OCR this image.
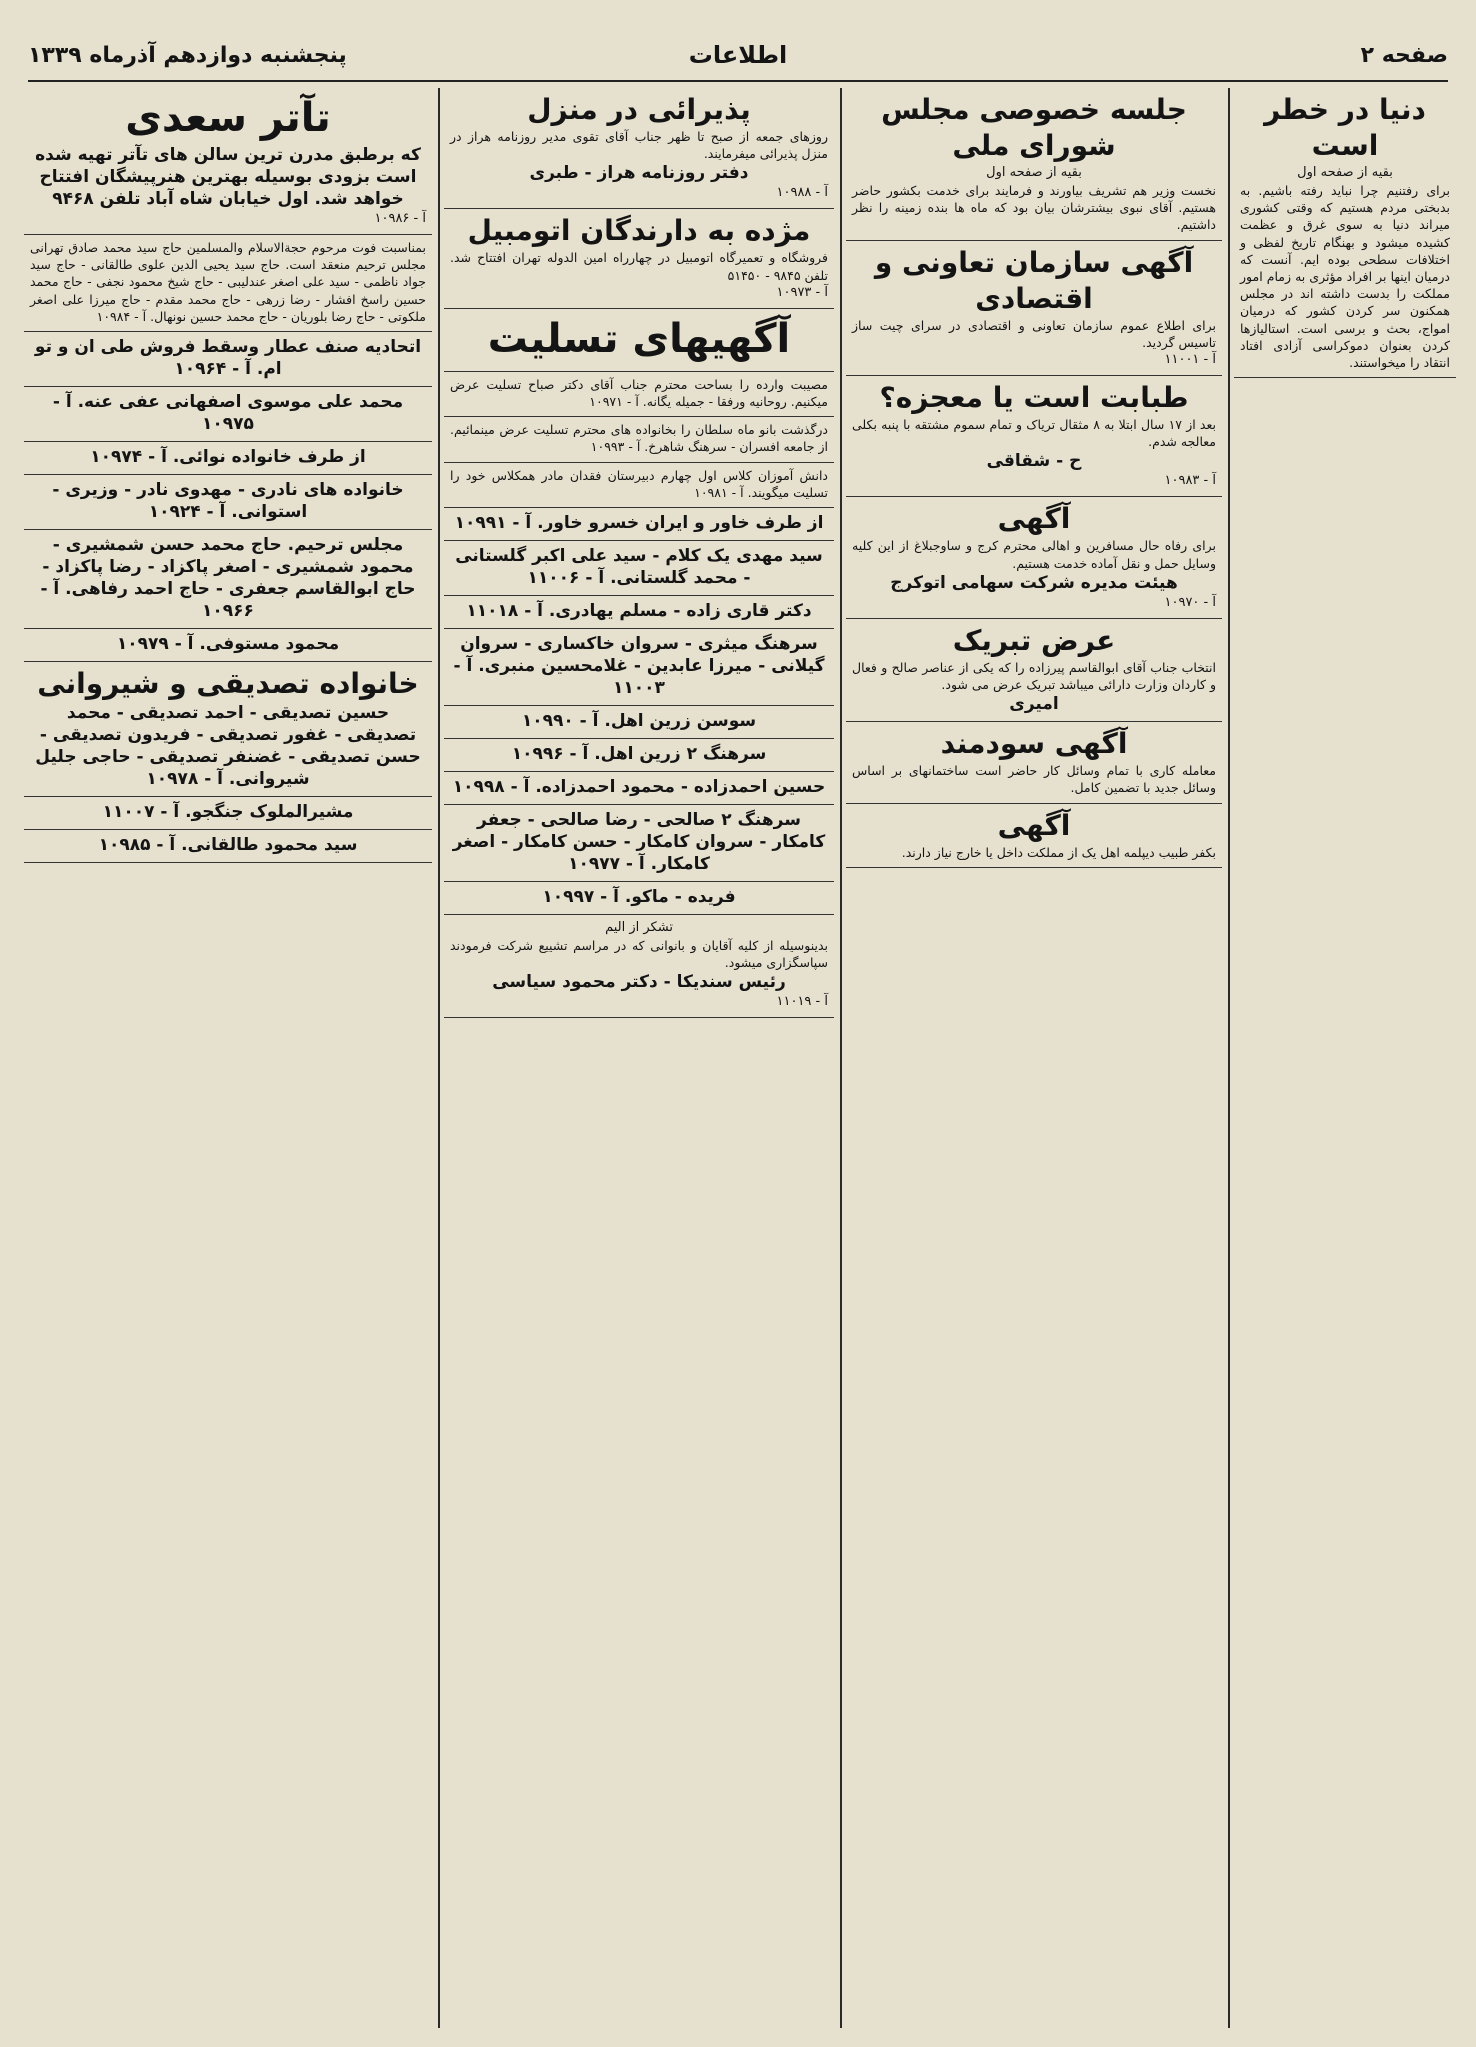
صفحه ۲
اطلاعات
پنجشنبه دوازدهم آذرماه ۱۳۳۹
دنیا در خطر است
بقیه از صفحه اول
برای رفتنیم چرا نباید رفته باشیم. به بدبختی مردم هستیم که وقتی کشوری میراند دنیا به سوی غرق و عظمت کشیده میشود و بهنگام تاریخ لفظی و اختلافات سطحی بوده ایم. آنست که درمیان اینها بر افراد مؤثری به زمام امور مملکت را بدست داشته اند در مجلس همکنون سر کردن کشور که درمیان امواج، بحث و برسی است. استالیازها کردن بعنوان دموکراسی آزادی افتاد انتقاد را میخواستند.
جلسه خصوصی مجلس شورای ملی
بقیه از صفحه اول
نخست وزیر هم تشریف بیاورند و فرمایند برای خدمت بکشور حاضر هستیم. آقای نبوی بیشترشان بیان بود که ماه ها بنده زمینه را نظر داشتیم.
آگهی سازمان تعاونی و اقتصادی
برای اطلاع عموم سازمان تعاونی و اقتصادی در سرای چیت ساز تاسیس گردید.
آ - ۱۱۰۰۱
طبابت است یا معجزه؟
بعد از ۱۷ سال ابتلا به ۸ مثقال تریاک و تمام سموم مشتقه با پنبه بکلی معالجه شدم.
ح - شقاقی
آ - ۱۰۹۸۳
آگهی
برای رفاه حال مسافرین و اهالی محترم کرج و ساوجبلاغ از این کلیه وسایل حمل و نقل آماده خدمت هستیم.
هیئت مدیره شرکت سهامی اتوکرج
آ - ۱۰۹۷۰
عرض تبریک
انتخاب جناب آقای ابوالقاسم پیرزاده را که یکی از عناصر صالح و فعال و کاردان وزارت دارائی میباشد تبریک عرض می شود.
امیری
آگهی سودمند
معامله کاری با تمام وسائل کار حاضر است ساختمانهای بر اساس وسائل جدید با تضمین کامل.
آگهی
بکفر طبیب دیپلمه اهل یک از مملکت داخل یا خارج نیاز دارند.
پذیرائی در منزل
روزهای جمعه از صبح تا ظهر جناب آقای تقوی مدیر روزنامه هراز در منزل پذیرائی میفرمایند.
دفتر روزنامه هراز - طبری
آ - ۱۰۹۸۸
مژده به دارندگان اتومبیل
فروشگاه و تعمیرگاه اتومبیل در چهارراه امین الدوله تهران افتتاح شد. تلفن ۹۸۴۵ - ۵۱۴۵۰
آ - ۱۰۹۷۳
آگهیهای تسلیت
مصیبت وارده را بساحت محترم جناب آقای دکتر صباح تسلیت عرض میکنیم. روحانیه ورفقا - جمیله یگانه. آ - ۱۰۹۷۱
درگذشت بانو ماه سلطان را بخانواده های محترم تسلیت عرض مینمائیم. از جامعه افسران - سرهنگ شاهرخ. آ - ۱۰۹۹۳
دانش آموزان کلاس اول چهارم دبیرستان فقدان مادر همکلاس خود را تسلیت میگویند. آ - ۱۰۹۸۱
از طرف خاور و ایران خسرو خاور. آ - ۱۰۹۹۱
سید مهدی یک کلام - سید علی اکبر گلستانی - محمد گلستانی. آ - ۱۱۰۰۶
دکتر قاری زاده - مسلم یهادری. آ - ۱۱۰۱۸
سرهنگ میثری - سروان خاکساری - سروان گیلانی - میرزا عابدین - غلامحسین منبری. آ - ۱۱۰۰۳
سوسن زرین اهل. آ - ۱۰۹۹۰
سرهنگ ۲ زرین اهل. آ - ۱۰۹۹۶
حسین احمدزاده - محمود احمدزاده. آ - ۱۰۹۹۸
سرهنگ ۲ صالحی - رضا صالحی - جعفر کامکار - سروان کامکار - حسن کامکار - اصغر کامکار. آ - ۱۰۹۷۷
فریده - ماکو. آ - ۱۰۹۹۷
تشکر از الیم
بدینوسیله از کلیه آقایان و بانوانی که در مراسم تشییع شرکت فرمودند سپاسگزاری میشود.
رئیس سندیکا - دکتر محمود سیاسی
آ - ۱۱۰۱۹
تآتر سعدی
که برطبق مدرن ترین سالن های تآتر تهیه شده است بزودی بوسیله بهترین هنرپیشگان افتتاح خواهد شد. اول خیابان شاه آباد تلفن ۹۴۶۸
آ - ۱۰۹۸۶
بمناسبت فوت مرحوم حجةالاسلام والمسلمین حاج سید محمد صادق تهرانی مجلس ترحیم منعقد است. حاج سید یحیی الدین علوی طالقانی - حاج سید جواد ناظمی - سید علی اصغر عندلیبی - حاج شیخ محمود نجفی - حاج محمد حسین راسخ افشار - رضا زرهی - حاج محمد مقدم - حاج میرزا علی اصغر ملکوتی - حاج رضا بلوریان - حاج محمد حسین نونهال. آ - ۱۰۹۸۴
اتحادیه صنف عطار وسقط فروش طی ان و تو ام. آ - ۱۰۹۶۴
محمد علی موسوی اصفهانی عفی عنه. آ - ۱۰۹۷۵
از طرف خانواده نوائی. آ - ۱۰۹۷۴
خانواده های نادری - مهدوی نادر - وزیری - استوانی. آ - ۱۰۹۲۴
مجلس ترحیم. حاج محمد حسن شمشیری - محمود شمشیری - اصغر پاکزاد - رضا پاکزاد - حاج ابوالقاسم جعفری - حاج احمد رفاهی. آ - ۱۰۹۶۶
محمود مستوفی. آ - ۱۰۹۷۹
خانواده تصدیقی و شیروانی
حسین تصدیقی - احمد تصدیقی - محمد تصدیقی - غفور تصدیقی - فریدون تصدیقی - حسن تصدیقی - غضنفر تصدیقی - حاجی جلیل شیروانی. آ - ۱۰۹۷۸
مشیرالملوک جنگجو. آ - ۱۱۰۰۷
سید محمود طالقانی. آ - ۱۰۹۸۵
